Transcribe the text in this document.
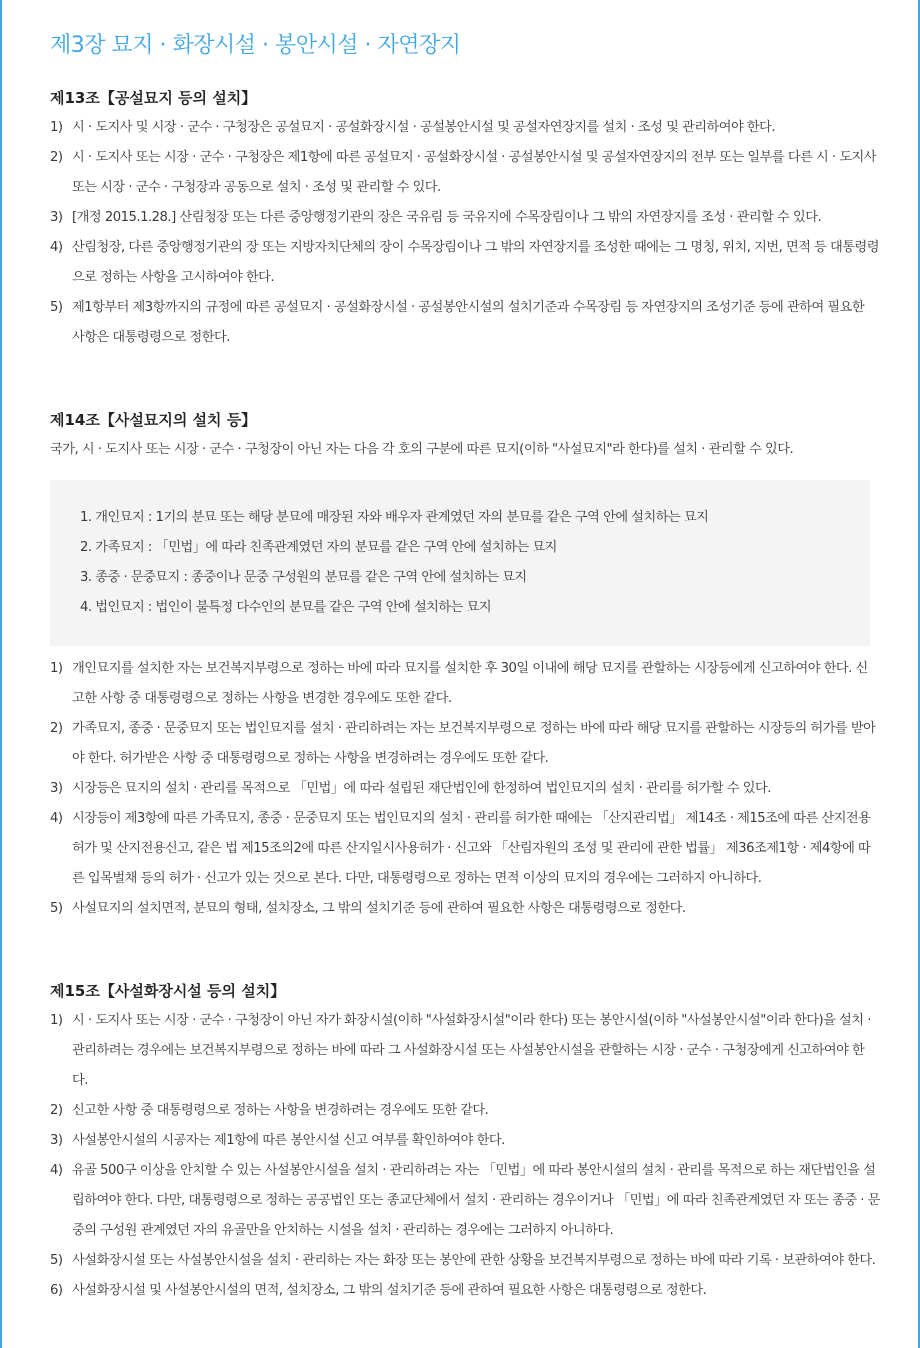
제3장 묘지 · 화장시설 · 봉안시설 · 자연장지
제13조【공설묘지 등의 설치】
1) 시 · 도지사 및 시장 · 군수 · 구청장은 공설묘지 · 공설화장시설 · 공설봉안시설 및 공설자연장지를 설치 · 조성 및 관리하여야 한다.
2) 시 · 도지사 또는 시장 · 군수 · 구청장은 제1항에 따른 공설묘지 · 공설화장시설 · 공설봉안시설 및 공설자연장지의 전부 또는 일부를 다른 시 · 도지사 또는 시장 · 군수 · 구청장과 공동으로 설치 · 조성 및 관리할 수 있다.
3) [개정 2015.1.28.] 산림청장 또는 다른 중앙행정기관의 장은 국유림 등 국유지에 수목장림이나 그 밖의 자연장지를 조성 · 관리할 수 있다.
4) 산림청장, 다른 중앙행정기관의 장 또는 지방자치단체의 장이 수목장림이나 그 밖의 자연장지를 조성한 때에는 그 명칭, 위치, 지번, 면적 등 대통령령으로 정하는 사항을 고시하여야 한다.
5) 제1항부터 제3항까지의 규정에 따른 공설묘지 · 공설화장시설 · 공설봉안시설의 설치기준과 수목장림 등 자연장지의 조성기준 등에 관하여 필요한 사항은 대통령령으로 정한다.
제14조【사설묘지의 설치 등】
국가, 시 · 도지사 또는 시장 · 군수 · 구청장이 아닌 자는 다음 각 호의 구분에 따른 묘지(이하 "사설묘지"라 한다)를 설치 · 관리할 수 있다.
1. 개인묘지 : 1기의 분묘 또는 해당 분묘에 매장된 자와 배우자 관계였던 자의 분묘를 같은 구역 안에 설치하는 묘지
2. 가족묘지 : 「민법」에 따라 친족관계였던 자의 분묘를 같은 구역 안에 설치하는 묘지
3. 종중 · 문중묘지 : 종중이나 문중 구성원의 분묘를 같은 구역 안에 설치하는 묘지
4. 법인묘지 : 법인이 불특정 다수인의 분묘를 같은 구역 안에 설치하는 묘지
1) 개인묘지를 설치한 자는 보건복지부령으로 정하는 바에 따라 묘지를 설치한 후 30일 이내에 해당 묘지를 관할하는 시장등에게 신고하여야 한다. 신고한 사항 중 대통령령으로 정하는 사항을 변경한 경우에도 또한 같다.
2) 가족묘지, 종중 · 문중묘지 또는 법인묘지를 설치 · 관리하려는 자는 보건복지부령으로 정하는 바에 따라 해당 묘지를 관할하는 시장등의 허가를 받아야 한다. 허가받은 사항 중 대통령령으로 정하는 사항을 변경하려는 경우에도 또한 같다.
3) 시장등은 묘지의 설치 · 관리를 목적으로 「민법」에 따라 설립된 재단법인에 한정하여 법인묘지의 설치 · 관리를 허가할 수 있다.
4) 시장등이 제3항에 따른 가족묘지, 종중 · 문중묘지 또는 법인묘지의 설치 · 관리를 허가한 때에는 「산지관리법」 제14조 · 제15조에 따른 산지전용허가 및 산지전용신고, 같은 법 제15조의2에 따른 산지일시사용허가 · 신고와 「산림자원의 조성 및 관리에 관한 법률」 제36조제1항 · 제4항에 따른 입목벌채 등의 허가 · 신고가 있는 것으로 본다. 다만, 대통령령으로 정하는 면적 이상의 묘지의 경우에는 그러하지 아니하다.
5) 사설묘지의 설치면적, 분묘의 형태, 설치장소, 그 밖의 설치기준 등에 관하여 필요한 사항은 대통령령으로 정한다.
제15조【사설화장시설 등의 설치】
1) 시 · 도지사 또는 시장 · 군수 · 구청장이 아닌 자가 화장시설(이하 "사설화장시설"이라 한다) 또는 봉안시설(이하 "사설봉안시설"이라 한다)을 설치 · 관리하려는 경우에는 보건복지부령으로 정하는 바에 따라 그 사설화장시설 또는 사설봉안시설을 관할하는 시장 · 군수 · 구청장에게 신고하여야 한다.
2) 신고한 사항 중 대통령령으로 정하는 사항을 변경하려는 경우에도 또한 같다.
3) 사설봉안시설의 시공자는 제1항에 따른 봉안시설 신고 여부를 확인하여야 한다.
4) 유골 500구 이상을 안치할 수 있는 사설봉안시설을 설치 · 관리하려는 자는 「민법」에 따라 봉안시설의 설치 · 관리를 목적으로 하는 재단법인을 설립하여야 한다. 다만, 대통령령으로 정하는 공공법인 또는 종교단체에서 설치 · 관리하는 경우이거나 「민법」에 따라 친족관계였던 자 또는 종중 · 문중의 구성원 관계였던 자의 유골만을 안치하는 시설을 설치 · 관리하는 경우에는 그러하지 아니하다.
5) 사설화장시설 또는 사설봉안시설을 설치 · 관리하는 자는 화장 또는 봉안에 관한 상황을 보건복지부령으로 정하는 바에 따라 기록 · 보관하여야 한다.
6) 사설화장시설 및 사설봉안시설의 면적, 설치장소, 그 밖의 설치기준 등에 관하여 필요한 사항은 대통령령으로 정한다.
